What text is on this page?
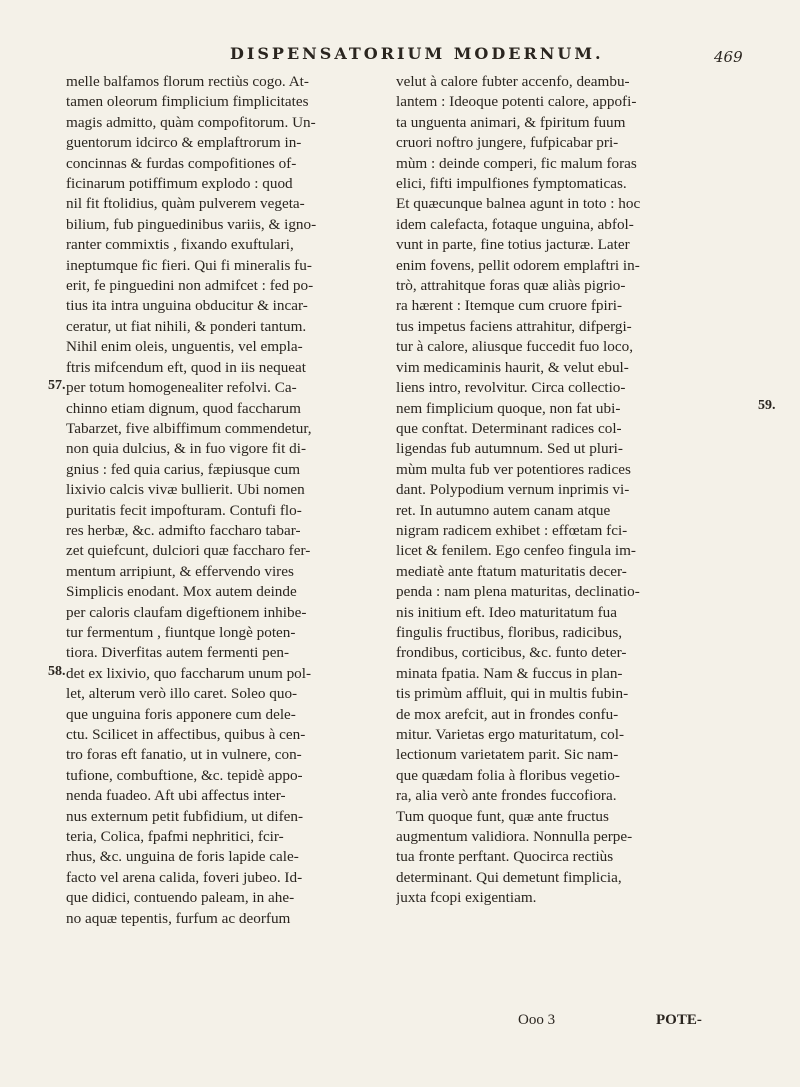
DISPENSATORIUM MODERNUM.	469
melle balfamos florum rectiùs cogo. At-
tamen oleorum fimplicium fimplicitates
magis admitto, quàm compofitorum. Un-
guentorum idcirco & emplaftrorum in-
concinnas & furdas compofitiones of-
ficinarum potiffimum explodo : quod
nil fit ftolidius, quàm pulverem vegeta-
bilium, fub pinguedinibus variis, & igno-
ranter commixtis , fixando exuftulari,
ineptumque fic fieri. Qui fi mineralis fu-
erit, fe pinguedini non admifcet : fed po-
tius ita intra unguina obducitur & incar-
ceratur, ut fiat nihili, & ponderi tantum.
Nihil enim oleis, unguentis, vel empla-
ftris mifcendum eft, quod in iis nequeat
per totum homogenealiter refolvi. Ca-
chinno etiam dignum, quod faccharum
Tabarzet, five albiffimum commendetur,
non quia dulcius, & in fuo vigore fit di-
gnius : fed quia carius, fæpiusque cum
lixivio calcis vivæ bullierit. Ubi nomen
puritatis fecit impofturam. Contufi flo-
res herbæ, &c. admifto faccharo tabar-
zet quiefcunt, dulciori quæ faccharo fer-
mentum arripiunt, & effervendo vires
Simplicis enodant. Mox autem deinde
per caloris claufam digeftionem inhibe-
tur fermentum , fiuntque longè poten-
tiora. Diverfitas autem fermenti pen-
det ex lixivio, quo faccharum unum pol-
let, alterum verò illo caret. Soleo quo-
que unguina foris apponere cum dele-
ctu. Scilicet in affectibus, quibus à cen-
tro foras eft fanatio, ut in vulnere, con-
tufione, combuftione, &c. tepidè appo-
nenda fuadeo. Aft ubi affectus inter-
nus externum petit fubfidium, ut difen-
teria, Colica, fpafmi nephritici, fcir-
rhus, &c. unguina de foris lapide cale-
facto vel arena calida, foveri jubeo. Id-
que didici, contuendo paleam, in ahe-
no aquæ tepentis, furfum ac deorfum
velut à calore fubter accenfo, deambu-
lantem : Ideoque potenti calore, appofi-
ta unguenta animari, & fpiritum fuum
cruori noftro jungere, fufpicabar pri-
mùm : deinde comperi, fic malum foras
elici, fifti impulfiones fymptomaticas.
Et quæcunque balnea agunt in toto : hoc
idem calefacta, fotaque unguina, abfol-
vunt in parte, fine totius jacturæ. Later
enim fovens, pellit odorem emplaftri in-
trò, attrahitque foras quæ aliàs pigrio-
ra hærent : Itemque cum cruore fpiri-
tus impetus faciens attrahitur, difpergi-
tur à calore, aliusque fuccedit fuo loco,
vim medicaminis haurit, & velut ebul-
liens intro, revolvitur. Circa collectio-
nem fimplicium quoque, non fat ubi-
que conftat. Determinant radices col-
ligendas fub autumnum. Sed ut pluri-
mùm multa fub ver potentiores radices
dant. Polypodium vernum inprimis vi-
ret. In autumno autem canam atque
nigram radicem exhibet : effœtam fci-
licet & fenilem. Ego cenfeo fingula im-
mediatè ante ftatum maturitatis decer-
penda : nam plena maturitas, declinatio-
nis initium eft. Ideo maturitatum fua
fingulis fructibus, floribus, radicibus,
frondibus, corticibus, &c. funto deter-
minata fpatia. Nam & fuccus in plan-
tis primùm affluit, qui in multis fubin-
de mox arefcit, aut in frondes confu-
mitur. Varietas ergo maturitatum, col-
lectionum varietatem parit. Sic nam-
que quædam folia à floribus vegetio-
ra, alia verò ante frondes fuccofiora.
Tum quoque funt, quæ ante fructus
augmentum validiora. Nonnulla perpe-
tua fronte perftant. Quocirca rectiùs
determinant. Qui demetunt fimplicia,
juxta fcopi exigentiam.
57.
58.
59.
Ooo 3	POTE-
